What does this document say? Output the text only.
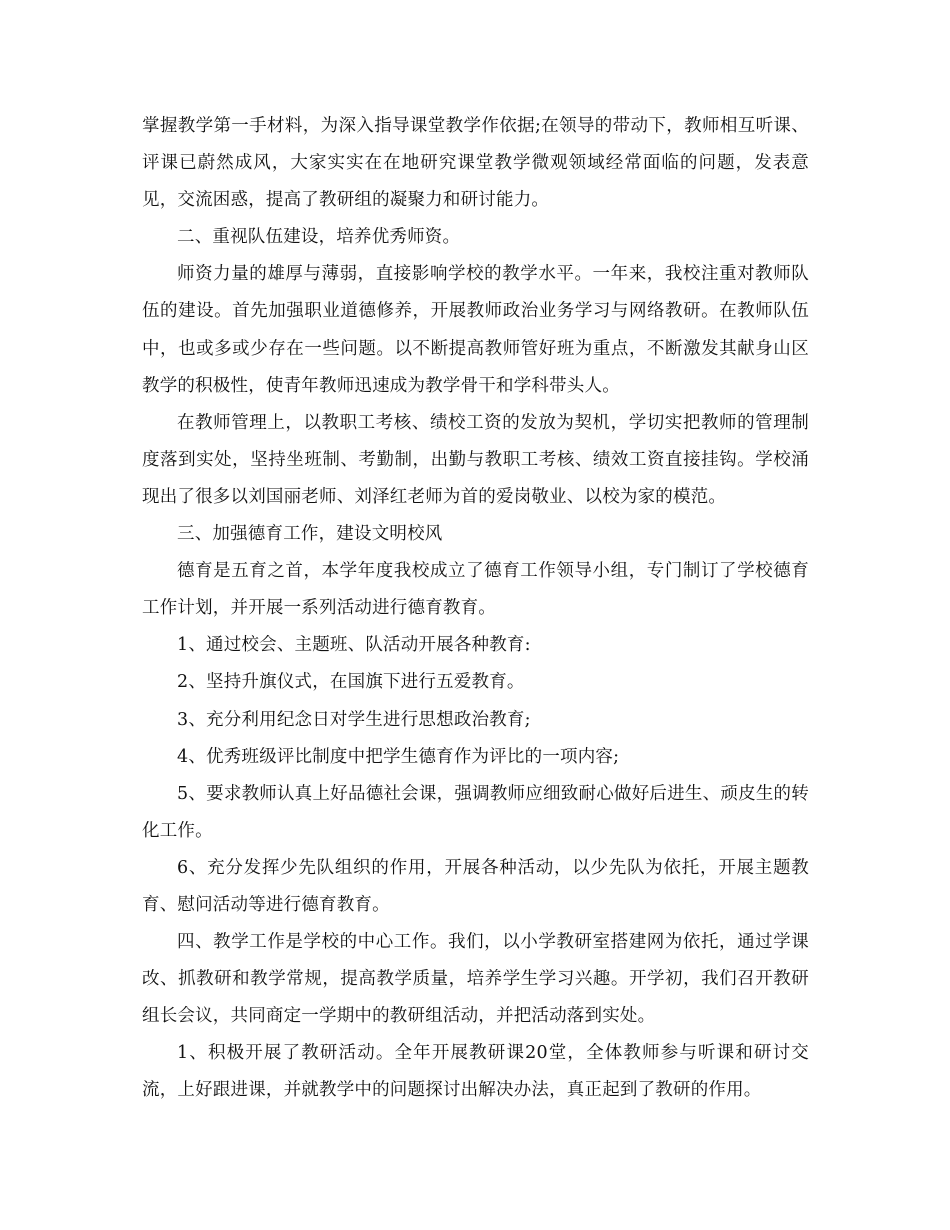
掌握教学第一手材料，为深入指导课堂教学作依据;在领导的带动下，教师相互听课、评课已蔚然成风，大家实实在在地研究课堂教学微观领域经常面临的问题，发表意见，交流困惑，提高了教研组的凝聚力和研讨能力。

二、重视队伍建设，培养优秀师资。

师资力量的雄厚与薄弱，直接影响学校的教学水平。一年来，我校注重对教师队伍的建设。首先加强职业道德修养，开展教师政治业务学习与网络教研。在教师队伍中，也或多或少存在一些问题。以不断提高教师管好班为重点，不断激发其献身山区教学的积极性，使青年教师迅速成为教学骨干和学科带头人。

在教师管理上，以教职工考核、绩校工资的发放为契机，学切实把教师的管理制度落到实处，坚持坐班制、考勤制，出勤与教职工考核、绩效工资直接挂钩。学校涌现出了很多以刘国丽老师、刘泽红老师为首的爱岗敬业、以校为家的模范。

三、加强德育工作，建设文明校风

德育是五育之首，本学年度我校成立了德育工作领导小组，专门制订了学校德育工作计划，并开展一系列活动进行德育教育。

1、通过校会、主题班、队活动开展各种教育:

2、坚持升旗仪式，在国旗下进行五爱教育。

3、充分利用纪念日对学生进行思想政治教育;

4、优秀班级评比制度中把学生德育作为评比的一项内容;

5、要求教师认真上好品德社会课，强调教师应细致耐心做好后进生、顽皮生的转化工作。

6、充分发挥少先队组织的作用，开展各种活动，以少先队为依托，开展主题教育、慰问活动等进行德育教育。

四、教学工作是学校的中心工作。我们，以小学教研室搭建网为依托，通过学课改、抓教研和教学常规，提高教学质量，培养学生学习兴趣。开学初，我们召开教研组长会议，共同商定一学期中的教研组活动，并把活动落到实处。

1、积极开展了教研活动。全年开展教研课20堂，全体教师参与听课和研讨交流，上好跟进课，并就教学中的问题探讨出解决办法，真正起到了教研的作用。
